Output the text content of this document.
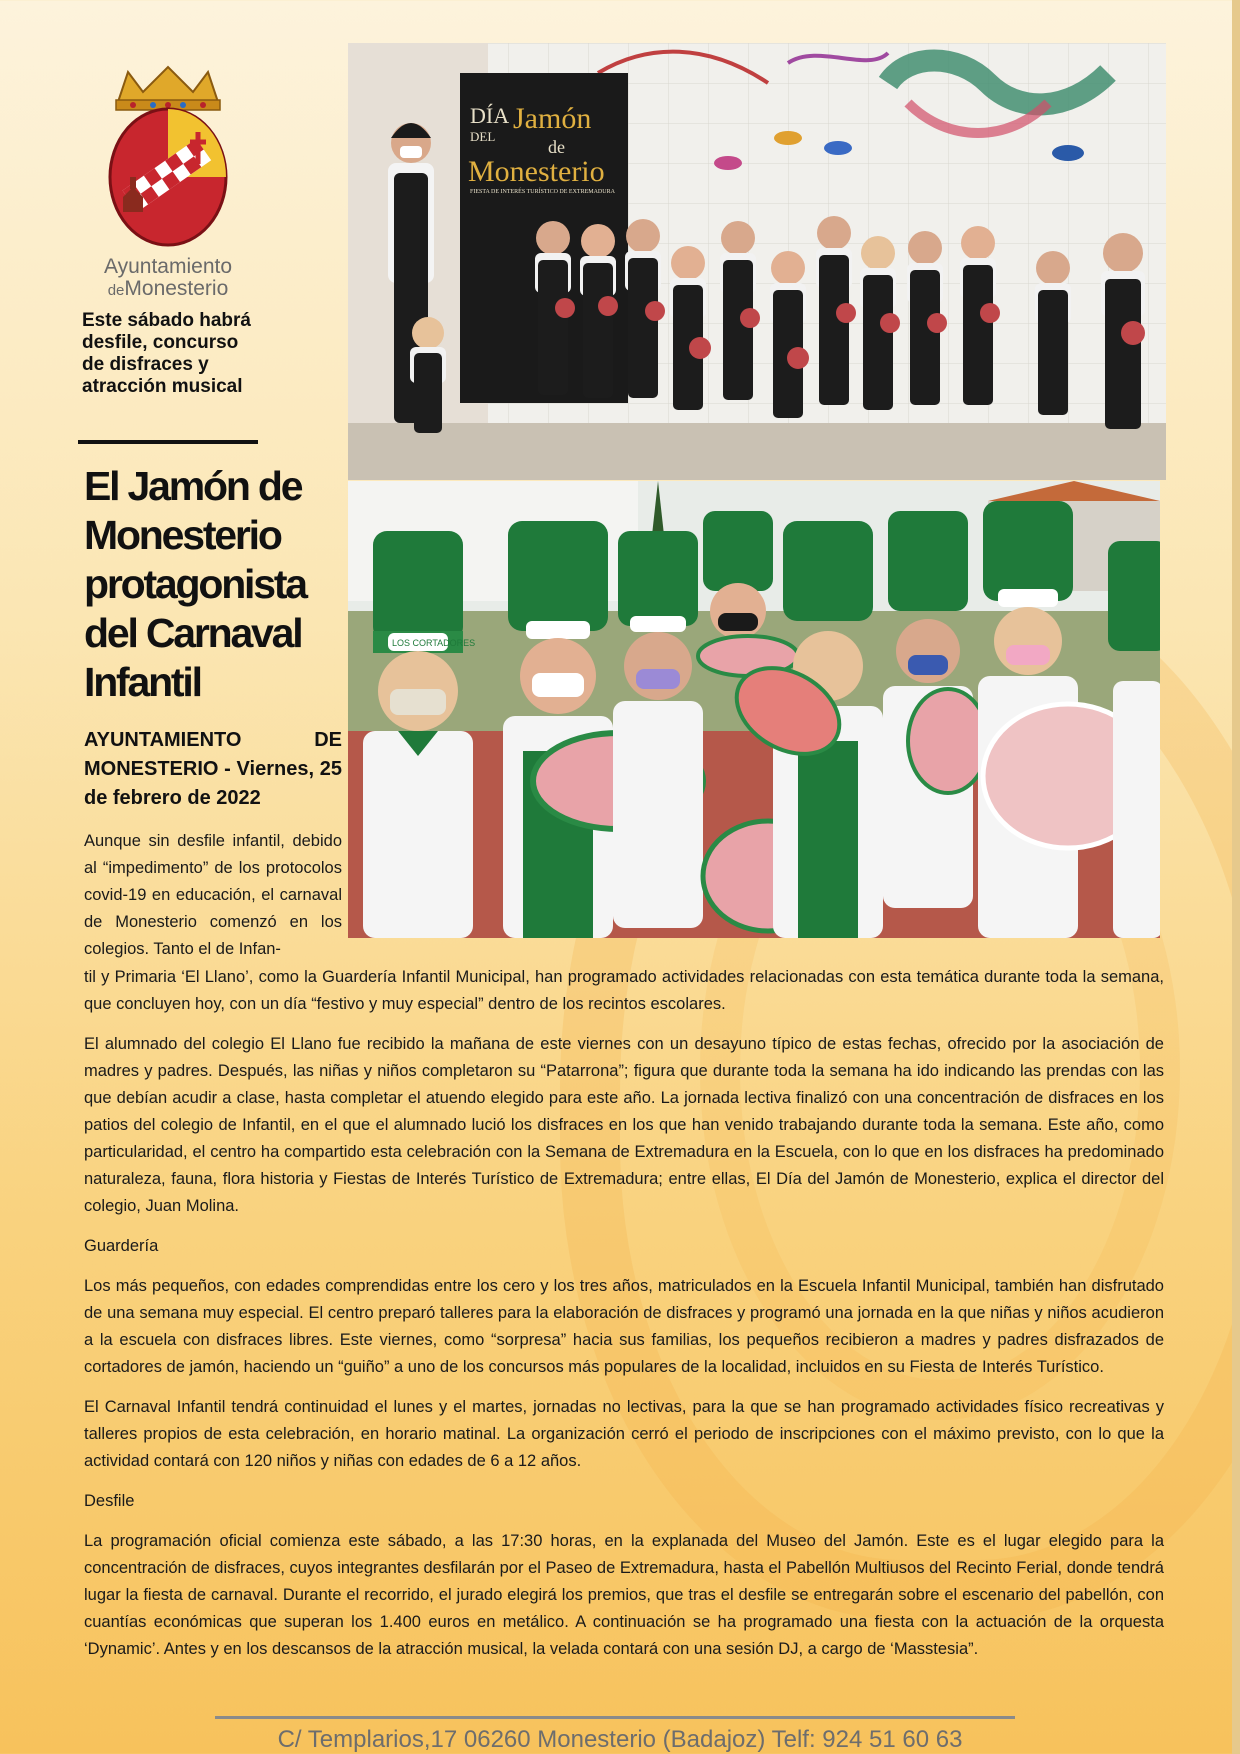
Ayuntamiento
deMonesterio
Este sábado habrá desfile, concurso de disfraces y atracción musical
El Jamón de Monesterio protagonista del Carnaval Infantil
AYUNTAMIENTO DE MONESTERIO - Viernes, 25 de febrero de 2022
Aunque sin desfile infantil, debido al “impedimento” de los protocolos covid-19 en educación, el carnaval de Monesterio comenzó en los colegios. Tanto el de Infan-
DÍA
DEL
Jamón
de
Monesterio
FIESTA DE INTERÉS TURÍSTICO DE EXTREMADURA
LOS CORTADORES

til y Primaria ‘El Llano’, como la Guardería Infantil Municipal, han programado actividades relacionadas con esta temática durante toda la semana, que concluyen hoy, con un día “festivo y muy especial” dentro de los recintos escolares.

El alumnado del colegio El Llano fue recibido la mañana de este viernes con un desayuno típico de estas fechas, ofrecido por la asociación de madres y padres. Después, las niñas y niños completaron su “Patarrona”; figura que durante toda la semana ha ido indicando las prendas con las que debían acudir a clase, hasta completar el atuendo elegido para este año. La jornada lectiva finalizó con una concentración de disfraces en los patios del colegio de Infantil, en el que el alumnado lució los disfraces en los que han venido trabajando durante toda la semana. Este año, como particularidad, el centro ha compartido esta celebración con la Semana de Extremadura en la Escuela, con lo que en los disfraces ha predominado naturaleza, fauna, flora historia y Fiestas de Interés Turístico de Extremadura; entre ellas, El Día del Jamón de Monesterio, explica el director del colegio, Juan Molina.

Guardería

Los más pequeños, con edades comprendidas entre los cero y los tres años, matriculados en la Escuela Infantil Municipal, también han disfrutado de una semana muy especial. El centro preparó talleres para la elaboración de disfraces y programó una jornada en la que niñas y niños acudieron a la escuela con disfraces libres. Este viernes, como “sorpresa” hacia sus familias, los pequeños recibieron a madres y padres disfrazados de cortadores de jamón, haciendo un “guiño” a uno de los concursos más populares de la localidad, incluidos en su Fiesta de Interés Turístico.

El Carnaval Infantil tendrá continuidad el lunes y el martes, jornadas no lectivas, para la que se han programado actividades físico recreativas y talleres propios de esta celebración, en horario matinal. La organización cerró el periodo de inscripciones con el máximo previsto, con lo que la actividad contará con 120 niños y niñas con edades de 6 a 12 años.

Desfile

La programación oficial comienza este sábado, a las 17:30 horas, en la explanada del Museo del Jamón. Este es el lugar elegido para la concentración de disfraces, cuyos integrantes desfilarán por el Paseo de Extremadura, hasta el Pabellón Multiusos del Recinto Ferial, donde tendrá lugar la fiesta de carnaval. Durante el recorrido, el jurado elegirá los premios, que tras el desfile se entregarán sobre el escenario del pabellón, con cuantías económicas que superan los 1.400 euros en metálico. A continuación se ha programado una fiesta con la actuación de la orquesta ‘Dynamic’. Antes y en los descansos de la atracción musical, la velada contará con una sesión DJ, a cargo de ‘Masstesia”.

C/ Templarios,17 06260 Monesterio (Badajoz) Telf: 924 51 60 63
